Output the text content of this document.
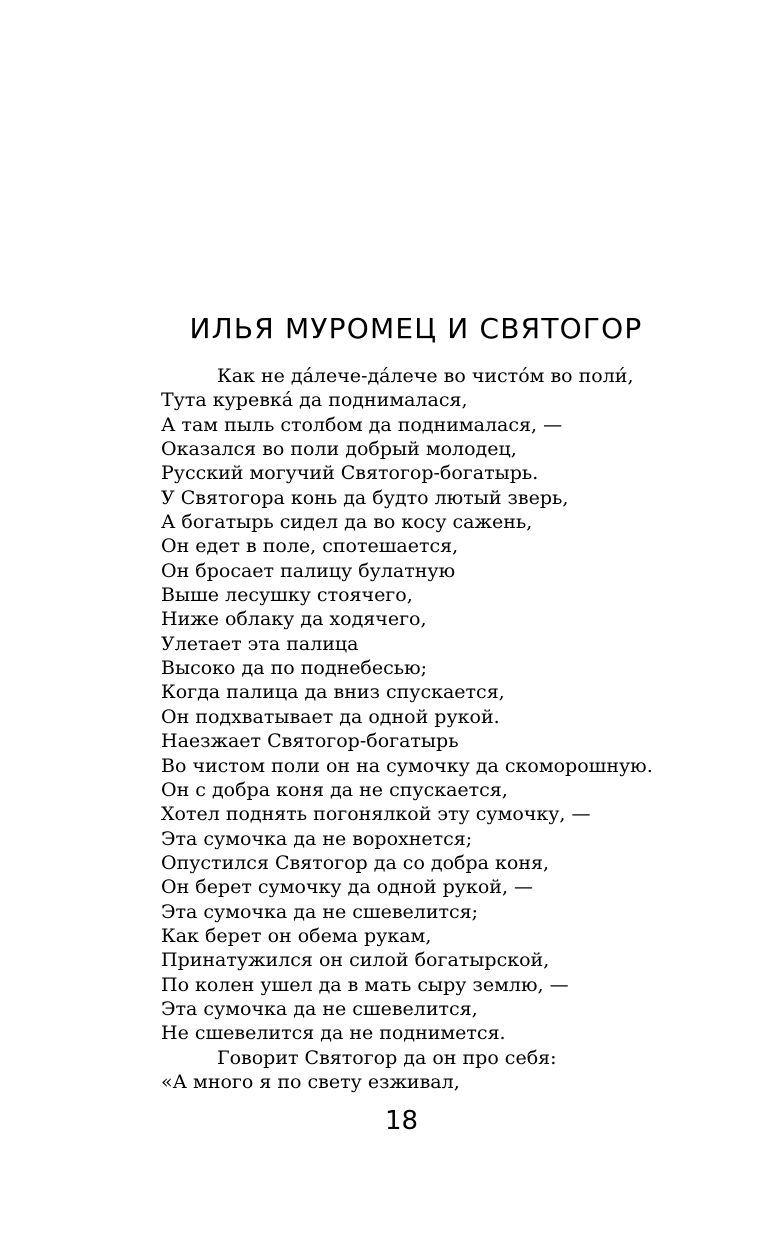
ИЛЬЯ МУРОМЕЦ И СВЯТОГОР
Как не да́лече-да́лече во чисто́м во поли́,
Тута куревка́ да поднималася,
А там пыль столбом да поднималася, —
Оказался во поли добрый молодец,
Русский могучий Святогор-богатырь.
У Святогора конь да будто лютый зверь,
А богатырь сидел да во косу сажень,
Он едет в поле, спотешается,
Он бросает палицу булатную
Выше лесушку стоячего,
Ниже облаку да ходячего,
Улетает эта палица
Высоко да по поднебесью;
Когда палица да вниз спускается,
Он подхватывает да одной рукой.
Наезжает Святогор-богатырь
Во чистом поли он на сумочку да скоморошную.
Он с добра коня да не спускается,
Хотел поднять погонялкой эту сумочку, —
Эта сумочка да не ворохнется;
Опустился Святогор да со добра коня,
Он берет сумочку да одной рукой, —
Эта сумочка да не сшевелится;
Как берет он обема рукам,
Принатужился он силой богатырской,
По колен ушел да в мать сыру землю, —
Эта сумочка да не сшевелится,
Не сшевелится да не поднимется.
Говорит Святогор да он про себя:
«А много я по свету езживал,
18
